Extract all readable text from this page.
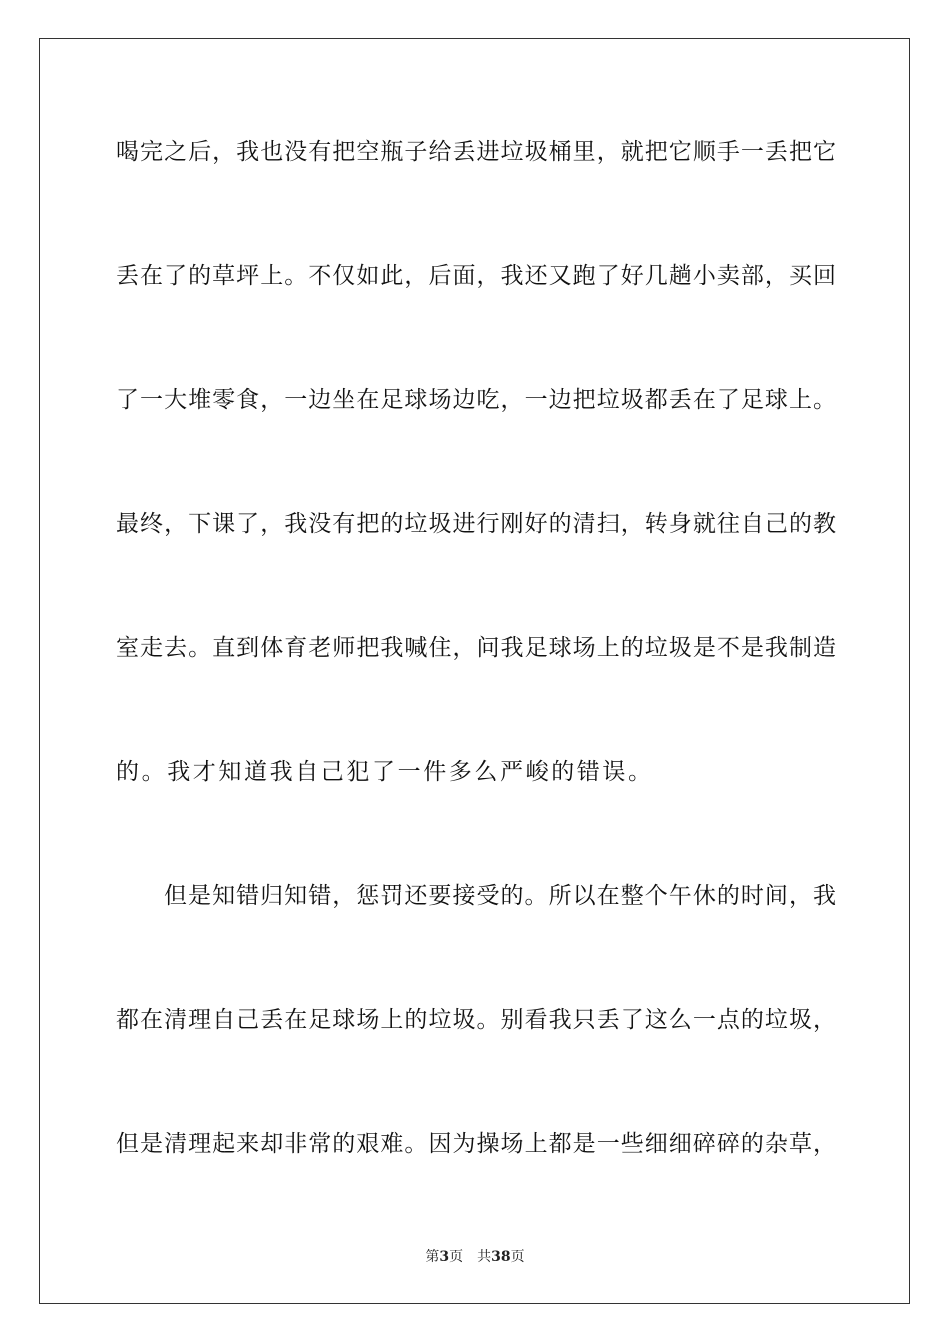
喝完之后，我也没有把空瓶子给丢进垃圾桶里，就把它顺手一丢把它
丢在了的草坪上。不仅如此，后面，我还又跑了好几趟小卖部，买回
了一大堆零食，一边坐在足球场边吃，一边把垃圾都丢在了足球上。
最终，下课了，我没有把的垃圾进行刚好的清扫，转身就往自己的教
室走去。直到体育老师把我喊住，问我足球场上的垃圾是不是我制造
的。我才知道我自己犯了一件多么严峻的错误。
但是知错归知错，惩罚还要接受的。所以在整个午休的时间，我
都在清理自己丢在足球场上的垃圾。别看我只丢了这么一点的垃圾，
但是清理起来却非常的艰难。因为操场上都是一些细细碎碎的杂草，
第3页 共38页
